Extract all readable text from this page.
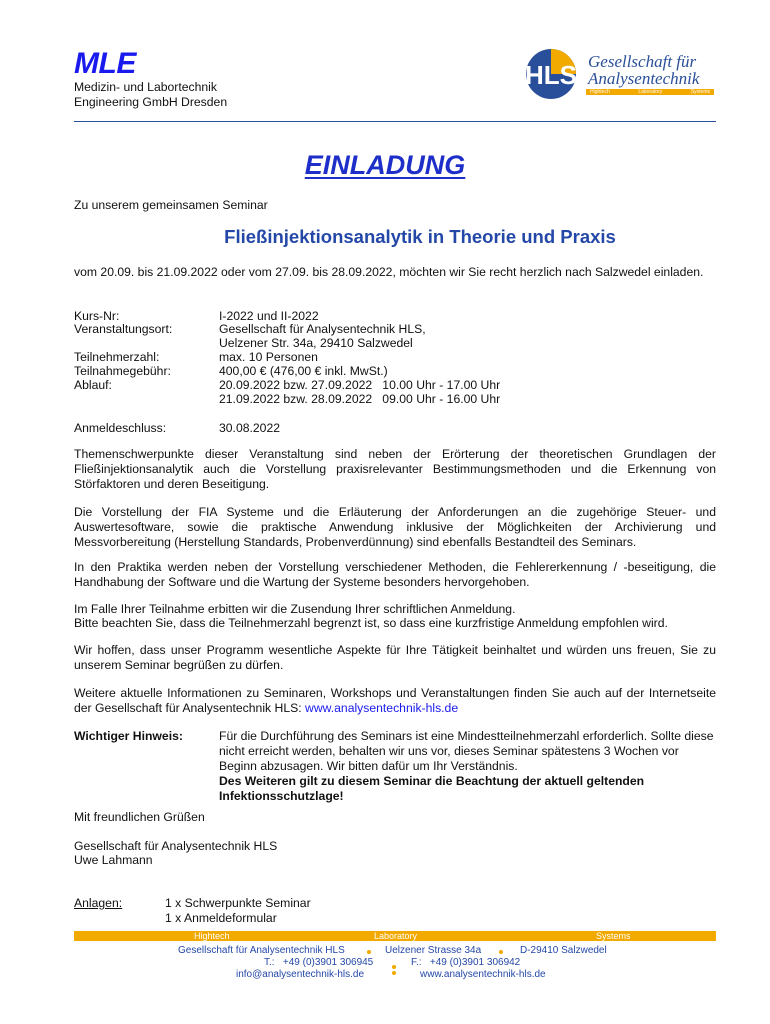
MLE
Medizin- und Labortechnik
Engineering GmbH Dresden
HLS Gesellschaft für
Analysentechnik
Hightech	Laboratory	Systems
EINLADUNG
Zu unserem gemeinsamen Seminar
Fließinjektionsanalytik in Theorie und Praxis
vom 20.09. bis 21.09.2022 oder vom 27.09. bis 28.09.2022, möchten wir Sie recht herzlich nach Salzwedel einladen.
Kurs-Nr:	I-2022 und II-2022
Veranstaltungsort:	Gesellschaft für Analysentechnik HLS,
Uelzener Str. 34a, 29410 Salzwedel
Teilnehmerzahl:	max. 10 Personen
Teilnahmegebühr:	400,00 € (476,00 € inkl. MwSt.)
Ablauf:	20.09.2022 bzw. 27.09.2022   10.00 Uhr - 17.00 Uhr
21.09.2022 bzw. 28.09.2022   09.00 Uhr - 16.00 Uhr
Anmeldeschluss:	30.08.2022
Themenschwerpunkte dieser Veranstaltung sind neben der Erörterung der theoretischen Grundlagen der Fließinjektionsanalytik auch die Vorstellung praxisrelevanter Bestimmungsmethoden und die Erkennung von Störfaktoren und deren Beseitigung.
Die Vorstellung der FIA Systeme und die Erläuterung der Anforderungen an die zugehörige Steuer- und Auswertesoftware, sowie die praktische Anwendung inklusive der Möglichkeiten der Archivierung und Messvorbereitung (Herstellung Standards, Probenverdünnung) sind ebenfalls Bestandteil des Seminars.
In den Praktika werden neben der Vorstellung verschiedener Methoden, die Fehlererkennung / -beseitigung, die Handhabung der Software und die Wartung der Systeme besonders hervorgehoben.
Im Falle Ihrer Teilnahme erbitten wir die Zusendung Ihrer schriftlichen Anmeldung.
Bitte beachten Sie, dass die Teilnehmerzahl begrenzt ist, so dass eine kurzfristige Anmeldung empfohlen wird.
Wir hoffen, dass unser Programm wesentliche Aspekte für Ihre Tätigkeit beinhaltet und würden uns freuen, Sie zu unserem Seminar begrüßen zu dürfen.
Weitere aktuelle Informationen zu Seminaren, Workshops und Veranstaltungen finden Sie auch auf der Internetseite der Gesellschaft für Analysentechnik HLS: www.analysentechnik-hls.de
Wichtiger Hinweis:	Für die Durchführung des Seminars ist eine Mindestteilnehmerzahl erforderlich. Sollte diese nicht erreicht werden, behalten wir uns vor, dieses Seminar spätestens 3 Wochen vor Beginn abzusagen. Wir bitten dafür um Ihr Verständnis.
Des Weiteren gilt zu diesem Seminar die Beachtung der aktuell geltenden Infektionsschutzlage!
Mit freundlichen Grüßen
Gesellschaft für Analysentechnik HLS
Uwe Lahmann
Anlagen:	1 x Schwerpunkte Seminar
1 x Anmeldeformular
Hightech	Laboratory	Systems
Gesellschaft für Analysentechnik HLS	Uelzener Strasse 34a	D-29410 Salzwedel
T.:   +49 (0)3901 306945	F.:   +49 (0)3901 306942
info@analysentechnik-hls.de	www.analysentechnik-hls.de
